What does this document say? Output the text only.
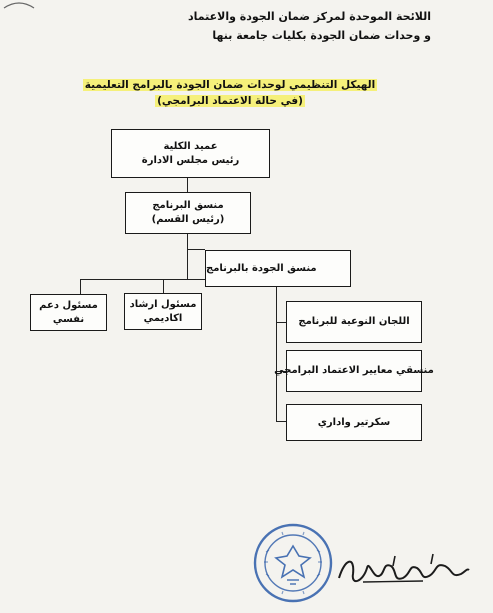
اللائحة الموحدة لمركز ضمان الجودة والاعتماد
و وحدات ضمان الجودة بكليات جامعة بنها
الهيكل التنظيمي لوحدات ضمان الجودة بالبرامج التعليمية
(في حالة الاعتماد البرامجي)
عميد الكلية
رئيس مجلس الادارة
منسق البرنامج
(رئيس القسم)
منسق الجودة بالبرنامج
مسئول دعم
نفسي
مسئول ارشاد
اكاديمي	اللجان النوعية للبرنامج
منسقي معايير الاعتماد البرامجي
سكرتير واداري
